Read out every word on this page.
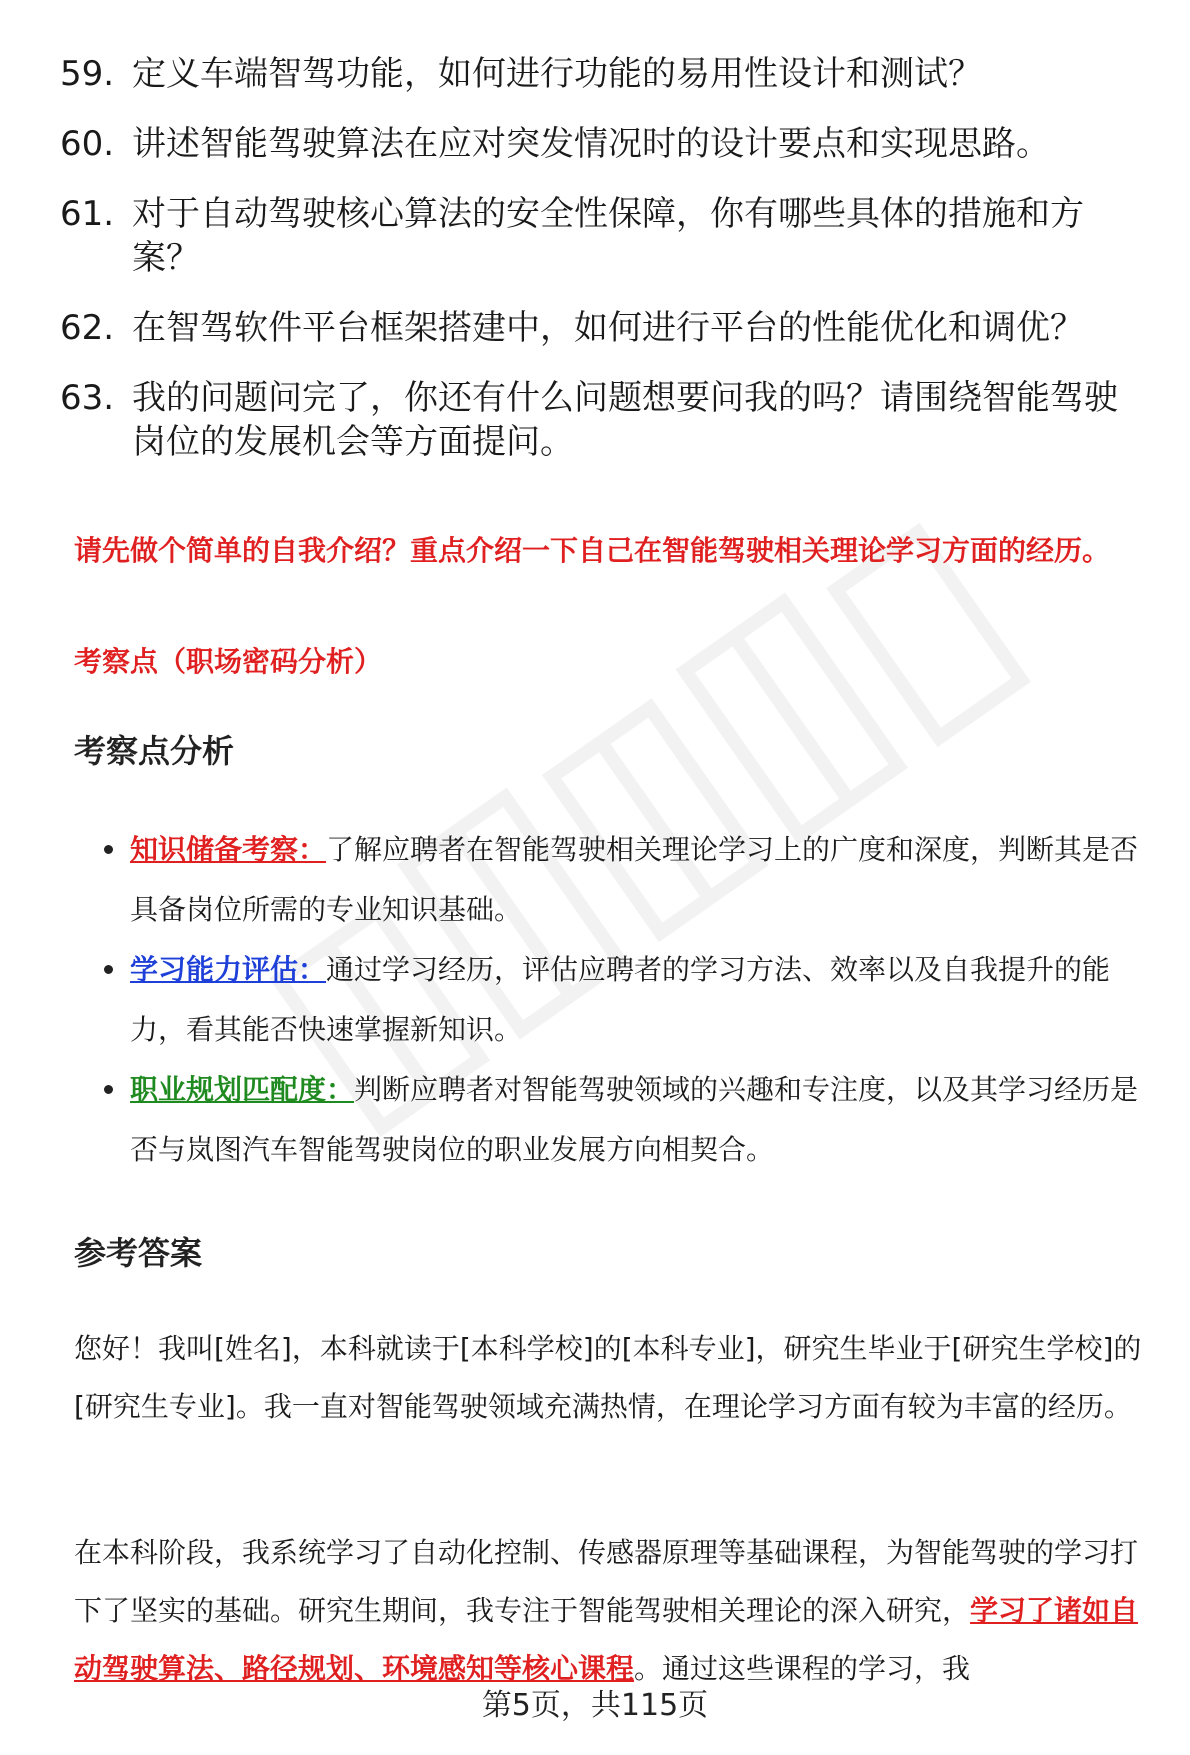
59. 定义车端智驾功能，如何进行功能的易用性设计和测试？
60. 讲述智能驾驶算法在应对突发情况时的设计要点和实现思路。
61. 对于自动驾驶核心算法的安全性保障，你有哪些具体的措施和方案？
62. 在智驾软件平台框架搭建中，如何进行平台的性能优化和调优？
63. 我的问题问完了，你还有什么问题想要问我的吗？请围绕智能驾驶岗位的发展机会等方面提问。
请先做个简单的自我介绍？重点介绍一下自己在智能驾驶相关理论学习方面的经历。
考察点（职场密码分析）
考察点分析
知识储备考察：了解应聘者在智能驾驶相关理论学习上的广度和深度，判断其是否具备岗位所需的专业知识基础。
学习能力评估：通过学习经历，评估应聘者的学习方法、效率以及自我提升的能力，看其能否快速掌握新知识。
职业规划匹配度：判断应聘者对智能驾驶领域的兴趣和专注度，以及其学习经历是否与岚图汽车智能驾驶岗位的职业发展方向相契合。
参考答案

您好！我叫[姓名]，本科就读于[本科学校]的[本科专业]，研究生毕业于[研究生学校]的[研究生专业]。我一直对智能驾驶领域充满热情，在理论学习方面有较为丰富的经历。

在本科阶段，我系统学习了自动化控制、传感器原理等基础课程，为智能驾驶的学习打下了坚实的基础。研究生期间，我专注于智能驾驶相关理论的深入研究，学习了诸如自动驾驶算法、路径规划、环境感知等核心课程。通过这些课程的学习，我

第5页，共115页
